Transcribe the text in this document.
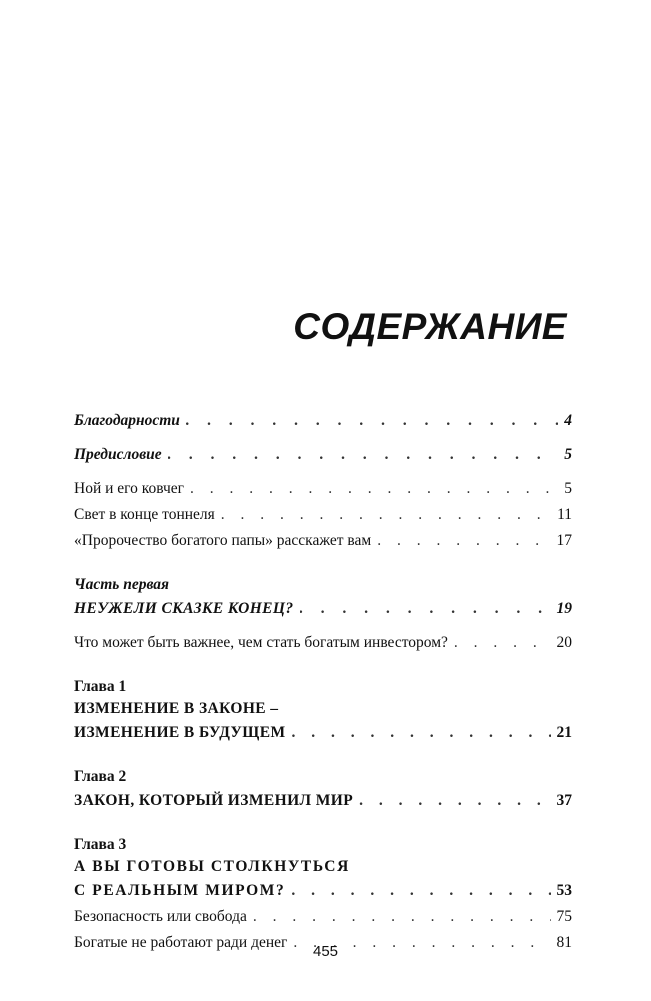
СОДЕРЖАНИЕ
Благодарности . . .	4
Предисловие . . .	5
Ной и его ковчег . . .	5
Свет в конце тоннеля . . .	11
«Пророчество богатого папы» расскажет вам . . .	17
Часть первая
НЕУЖЕЛИ СКАЗКЕ КОНЕЦ? . . .	19
Что может быть важнее, чем стать богатым инвестором? . . .	20
Глава 1
ИЗМЕНЕНИЕ В ЗАКОНЕ –
ИЗМЕНЕНИЕ В БУДУЩЕМ . . .	21
Глава 2
ЗАКОН, КОТОРЫЙ ИЗМЕНИЛ МИР . . .	37
Глава 3
А ВЫ ГОТОВЫ СТОЛКНУТЬСЯ
С РЕАЛЬНЫМ МИРОМ? . . .	53
Безопасность или свобода . . .	75
Богатые не работают ради денег . . .	81
455
